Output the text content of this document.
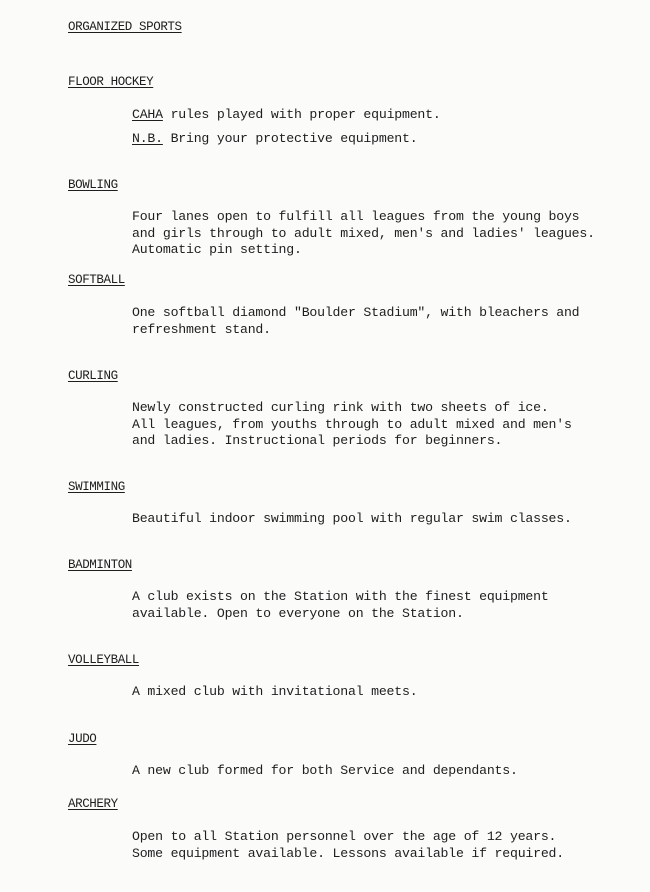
ORGANIZED SPORTS
FLOOR HOCKEY
CAHA rules played with proper equipment.
N.B. Bring your protective equipment.
BOWLING
Four lanes open to fulfill all leagues from the young boys
and girls through to adult mixed, men's and ladies' leagues.
Automatic pin setting.
SOFTBALL
One softball diamond "Boulder Stadium", with bleachers and
refreshment stand.
CURLING
Newly constructed curling rink with two sheets of ice.
All leagues, from youths through to adult mixed and men's
and ladies. Instructional periods for beginners.
SWIMMING
Beautiful indoor swimming pool with regular swim classes.
BADMINTON
A club exists on the Station with the finest equipment
available. Open to everyone on the Station.
VOLLEYBALL
A mixed club with invitational meets.
JUDO
A new club formed for both Service and dependants.
ARCHERY
Open to all Station personnel over the age of 12 years.
Some equipment available. Lessons available if required.
